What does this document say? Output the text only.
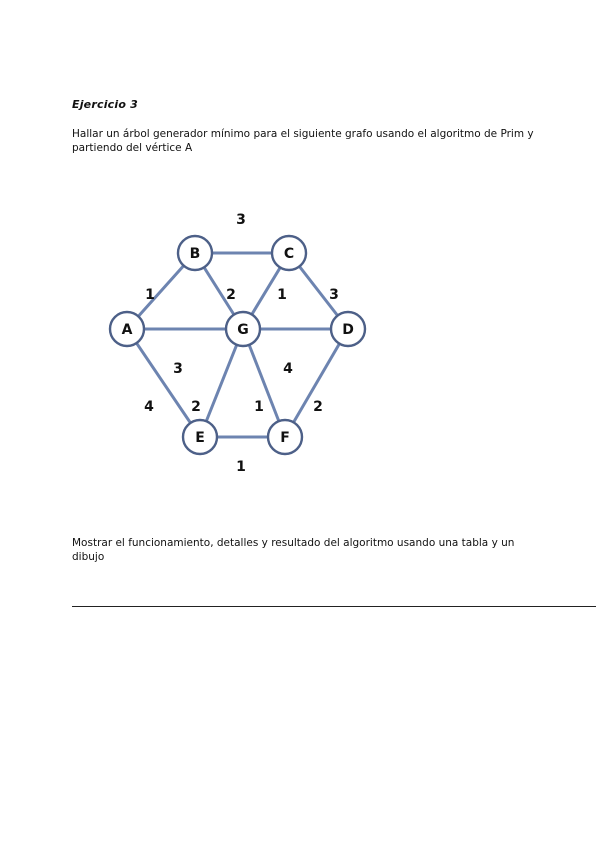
Ejercicio 3
Hallar un árbol generador mínimo para el siguiente grafo usando el algoritmo de Prim y
partiendo del vértice A
3
1	2	1	3
3
4	2	1
4
2
1
A
B	C
D
E	F
G
Mostrar el funcionamiento, detalles y resultado del algoritmo usando una tabla y un
dibujo
